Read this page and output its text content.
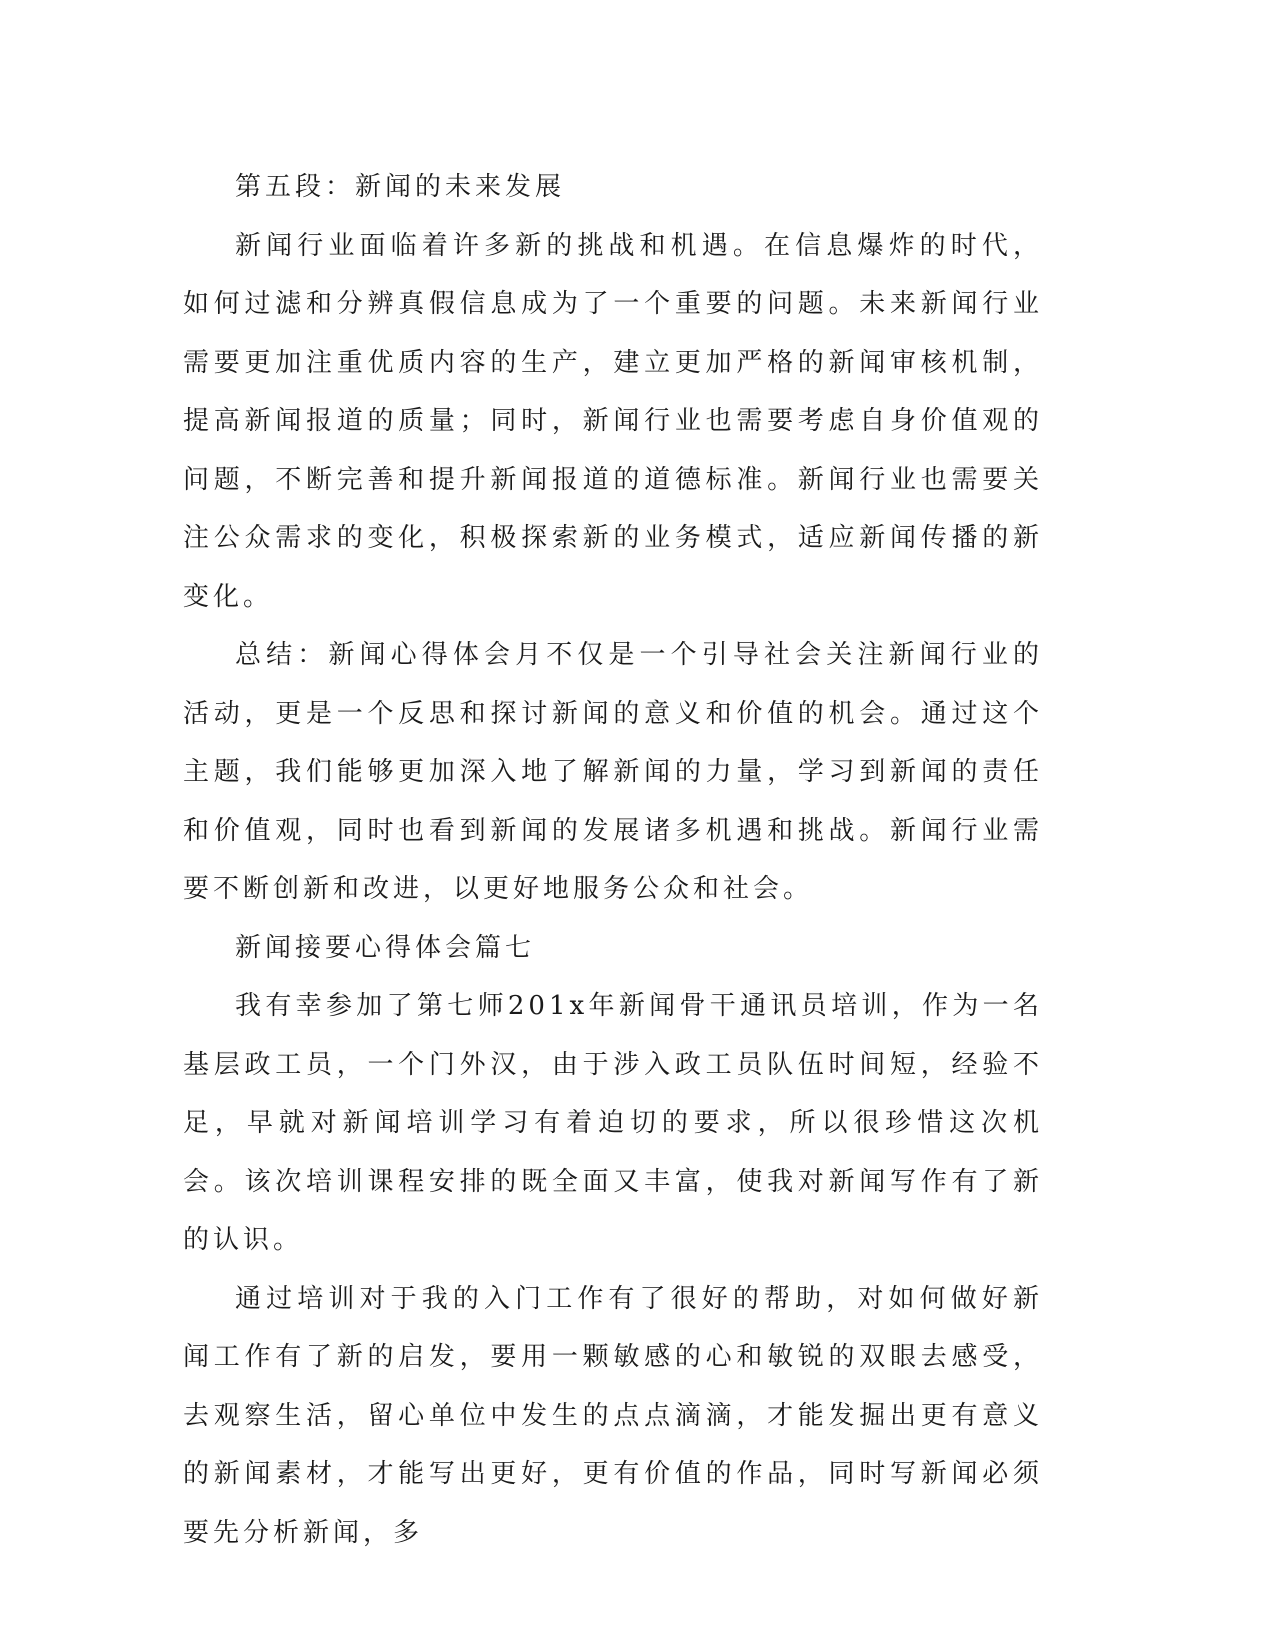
第五段：新闻的未来发展

新闻行业面临着许多新的挑战和机遇。在信息爆炸的时代，如何过滤和分辨真假信息成为了一个重要的问题。未来新闻行业需要更加注重优质内容的生产，建立更加严格的新闻审核机制，提高新闻报道的质量；同时，新闻行业也需要考虑自身价值观的问题，不断完善和提升新闻报道的道德标准。新闻行业也需要关注公众需求的变化，积极探索新的业务模式，适应新闻传播的新变化。

总结：新闻心得体会月不仅是一个引导社会关注新闻行业的活动，更是一个反思和探讨新闻的意义和价值的机会。通过这个主题，我们能够更加深入地了解新闻的力量，学习到新闻的责任和价值观，同时也看到新闻的发展诸多机遇和挑战。新闻行业需要不断创新和改进，以更好地服务公众和社会。

新闻接要心得体会篇七

我有幸参加了第七师201x年新闻骨干通讯员培训，作为一名基层政工员，一个门外汉，由于涉入政工员队伍时间短，经验不足，早就对新闻培训学习有着迫切的要求，所以很珍惜这次机会。该次培训课程安排的既全面又丰富，使我对新闻写作有了新的认识。

通过培训对于我的入门工作有了很好的帮助，对如何做好新闻工作有了新的启发，要用一颗敏感的心和敏锐的双眼去感受，去观察生活，留心单位中发生的点点滴滴，才能发掘出更有意义的新闻素材，才能写出更好，更有价值的作品，同时写新闻必须要先分析新闻，多
